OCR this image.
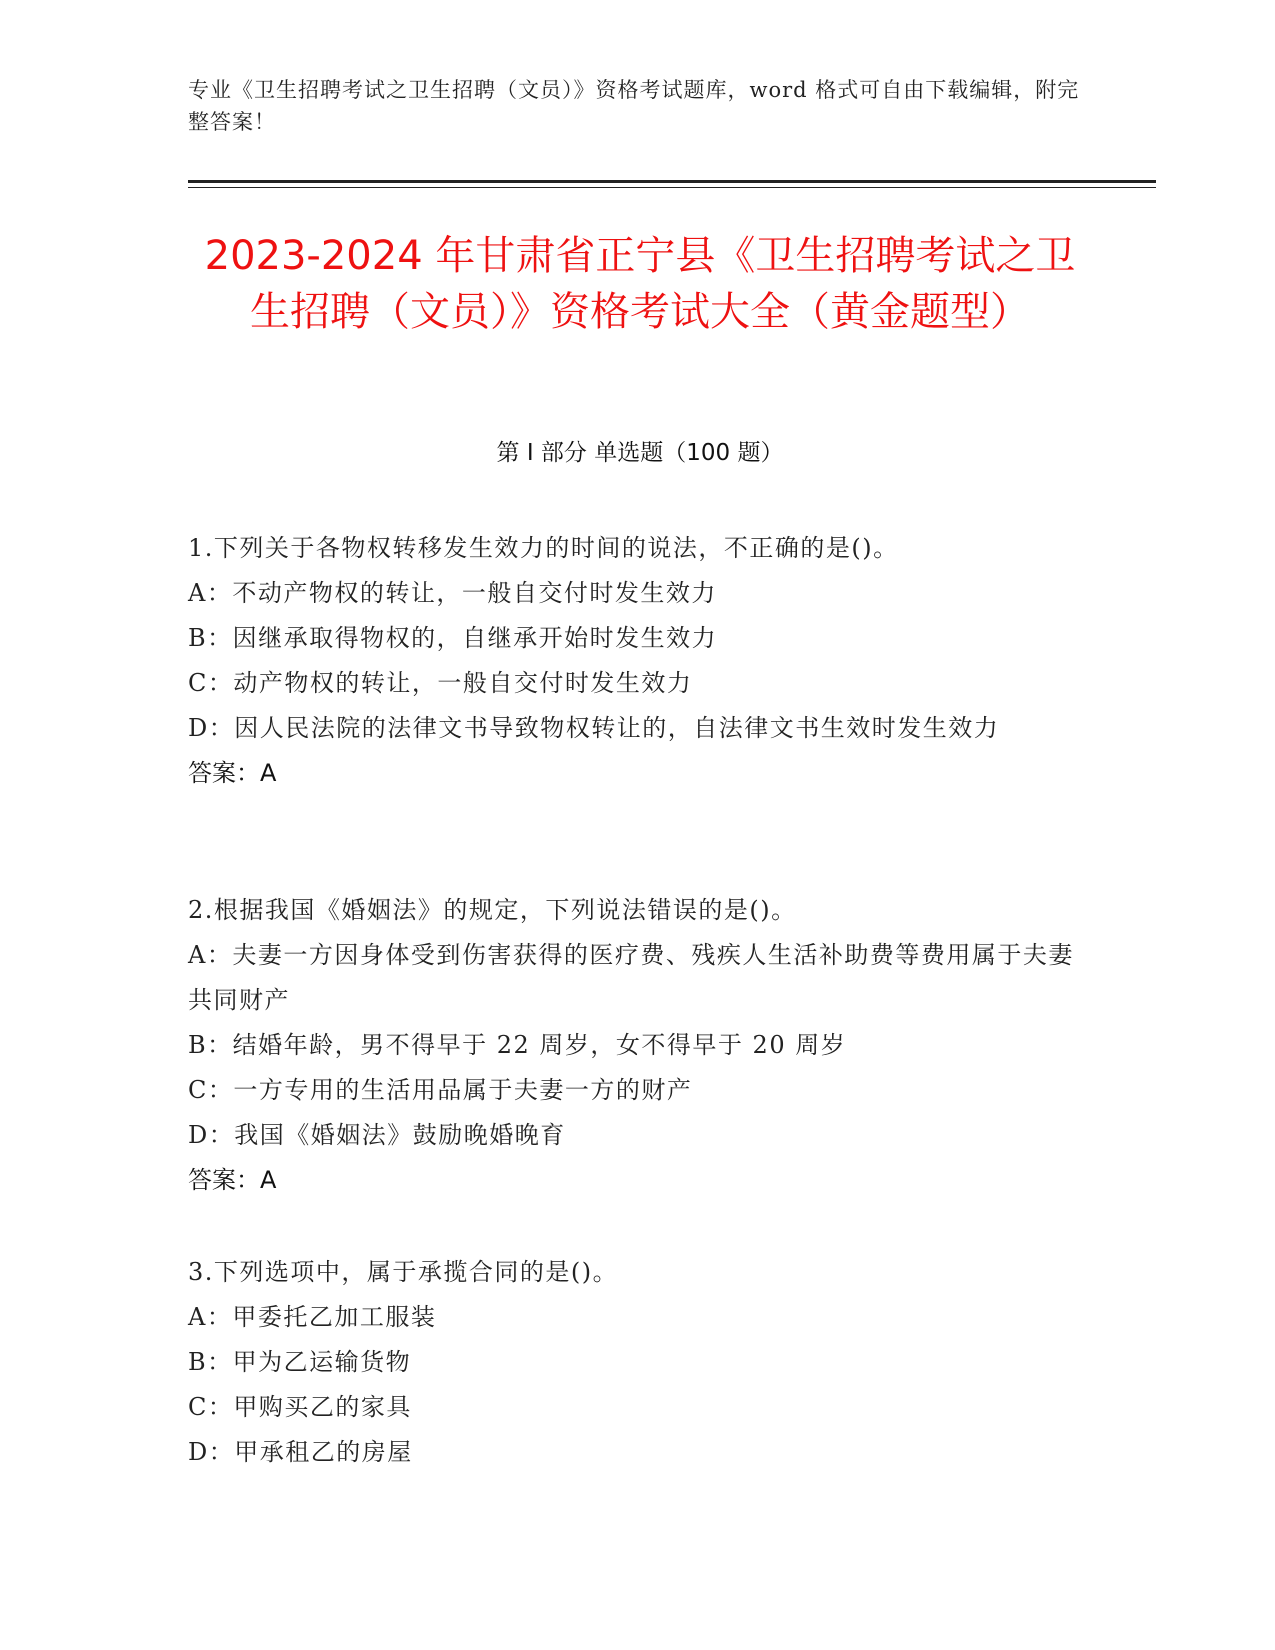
专业《卫生招聘考试之卫生招聘（文员）》资格考试题库，word 格式可自由下载编辑，附完整答案！
2023-2024 年甘肃省正宁县《卫生招聘考试之卫生招聘（文员）》资格考试大全（黄金题型）
第 I 部分 单选题（100 题）
1.下列关于各物权转移发生效力的时间的说法，不正确的是()。
A：不动产物权的转让，一般自交付时发生效力
B：因继承取得物权的，自继承开始时发生效力
C：动产物权的转让，一般自交付时发生效力
D：因人民法院的法律文书导致物权转让的，自法律文书生效时发生效力
答案：A
2.根据我国《婚姻法》的规定，下列说法错误的是()。
A：夫妻一方因身体受到伤害获得的医疗费、残疾人生活补助费等费用属于夫妻共同财产
B：结婚年龄，男不得早于 22 周岁，女不得早于 20 周岁
C：一方专用的生活用品属于夫妻一方的财产
D：我国《婚姻法》鼓励晚婚晚育
答案：A
3.下列选项中，属于承揽合同的是()。
A：甲委托乙加工服装
B：甲为乙运输货物
C：甲购买乙的家具
D：甲承租乙的房屋
